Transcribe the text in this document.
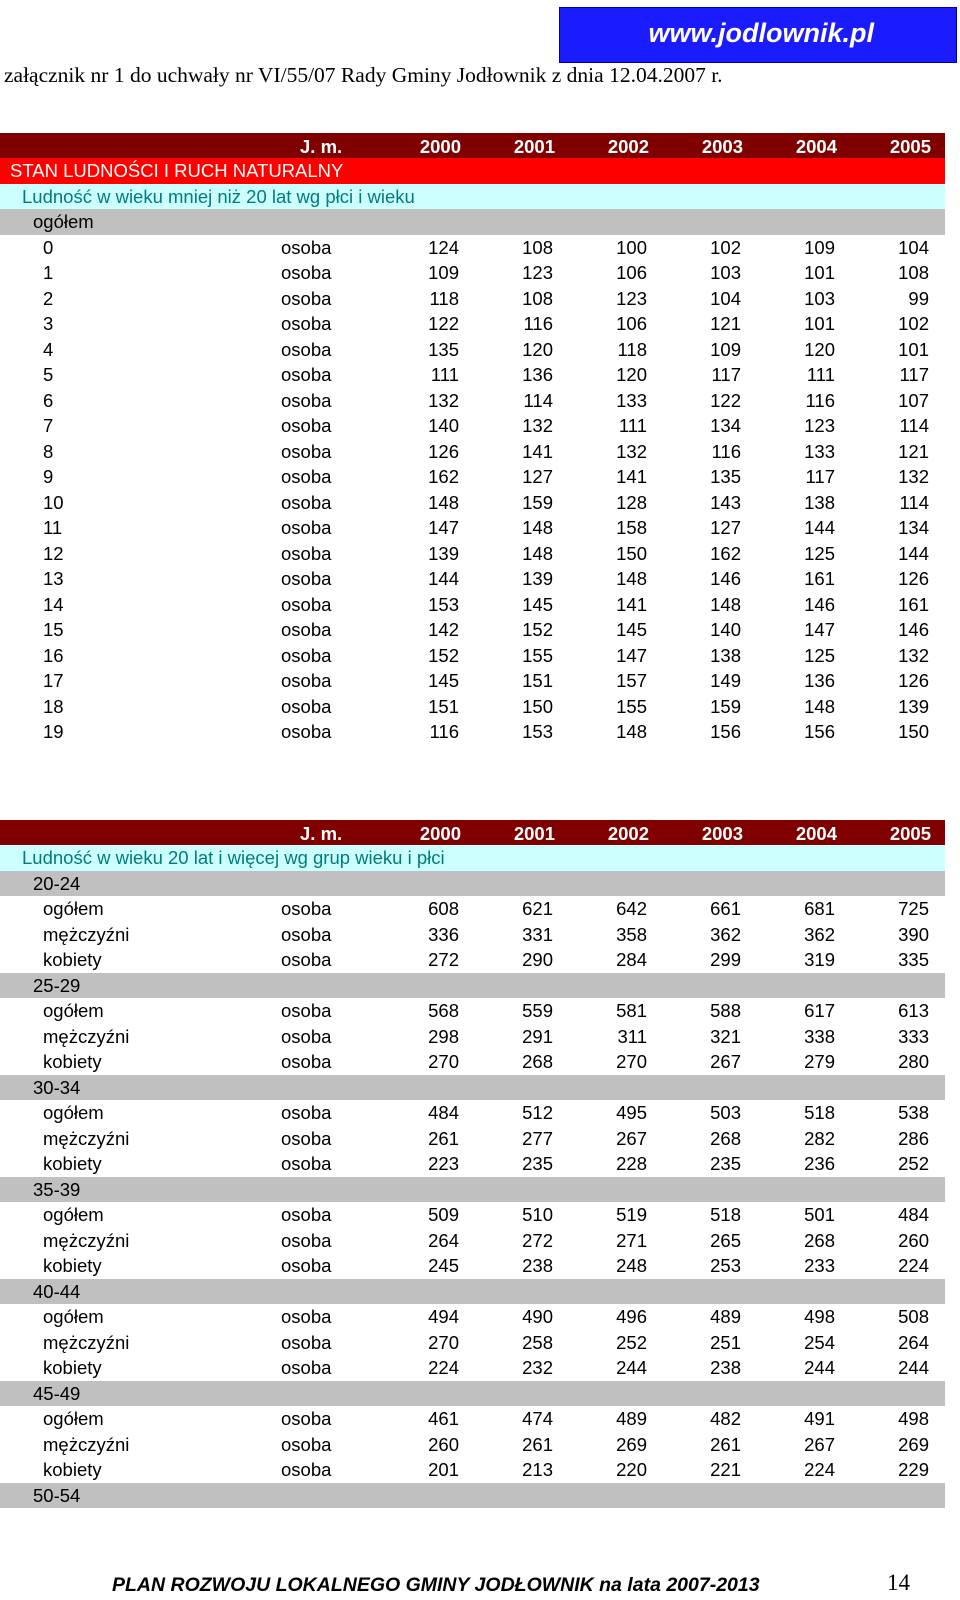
www.jodlownik.pl
załącznik nr 1 do uchwały nr VI/55/07 Rady Gminy Jodłownik z dnia 12.04.2007 r.
J. m.	2000	2001	2002	2003	2004	2005
STAN LUDNOŚCI I RUCH NATURALNY
Ludność w wieku mniej niż 20 lat wg płci i wieku
ogółem
0	osoba	124	108	100	102	109	104
1	osoba	109	123	106	103	101	108
2	osoba	118	108	123	104	103	99
3	osoba	122	116	106	121	101	102
4	osoba	135	120	118	109	120	101
5	osoba	111	136	120	117	111	117
6	osoba	132	114	133	122	116	107
7	osoba	140	132	111	134	123	114
8	osoba	126	141	132	116	133	121
9	osoba	162	127	141	135	117	132
10	osoba	148	159	128	143	138	114
11	osoba	147	148	158	127	144	134
12	osoba	139	148	150	162	125	144
13	osoba	144	139	148	146	161	126
14	osoba	153	145	141	148	146	161
15	osoba	142	152	145	140	147	146
16	osoba	152	155	147	138	125	132
17	osoba	145	151	157	149	136	126
18	osoba	151	150	155	159	148	139
19	osoba	116	153	148	156	156	150
J. m.	2000	2001	2002	2003	2004	2005
Ludność w wieku 20 lat i więcej wg grup wieku i płci
20-24
ogółem	osoba	608	621	642	661	681	725
mężczyźni	osoba	336	331	358	362	362	390
kobiety	osoba	272	290	284	299	319	335
25-29
ogółem	osoba	568	559	581	588	617	613
mężczyźni	osoba	298	291	311	321	338	333
kobiety	osoba	270	268	270	267	279	280
30-34
ogółem	osoba	484	512	495	503	518	538
mężczyźni	osoba	261	277	267	268	282	286
kobiety	osoba	223	235	228	235	236	252
35-39
ogółem	osoba	509	510	519	518	501	484
mężczyźni	osoba	264	272	271	265	268	260
kobiety	osoba	245	238	248	253	233	224
40-44
ogółem	osoba	494	490	496	489	498	508
mężczyźni	osoba	270	258	252	251	254	264
kobiety	osoba	224	232	244	238	244	244
45-49
ogółem	osoba	461	474	489	482	491	498
mężczyźni	osoba	260	261	269	261	267	269
kobiety	osoba	201	213	220	221	224	229
50-54
PLAN ROZWOJU LOKALNEGO GMINY JODŁOWNIK na lata 2007-2013	14
